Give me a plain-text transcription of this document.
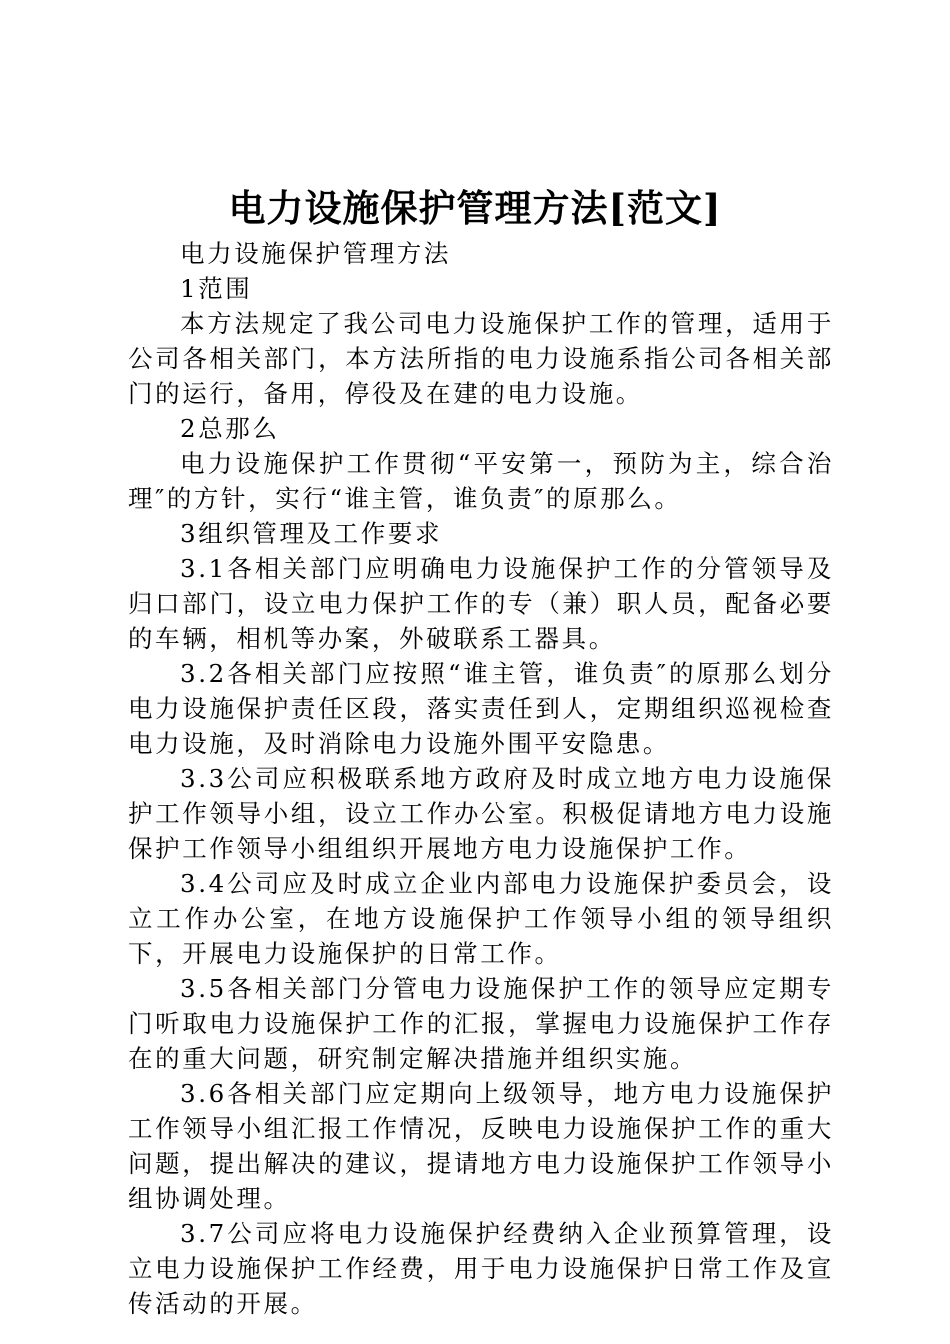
电力设施保护管理方法[范文]

电力设施保护管理方法

1范围

本方法规定了我公司电力设施保护工作的管理，适用于公司各相关部门，本方法所指的电力设施系指公司各相关部门的运行，备用，停役及在建的电力设施。

2总那么

电力设施保护工作贯彻“平安第一，预防为主，综合治理″的方针，实行“谁主管，谁负责″的原那么。

3组织管理及工作要求

3.1各相关部门应明确电力设施保护工作的分管领导及归口部门，设立电力保护工作的专（兼）职人员，配备必要的车辆，相机等办案，外破联系工器具。

3.2各相关部门应按照“谁主管，谁负责″的原那么划分电力设施保护责任区段，落实责任到人，定期组织巡视检查电力设施，及时消除电力设施外围平安隐患。

3.3公司应积极联系地方政府及时成立地方电力设施保护工作领导小组，设立工作办公室。积极促请地方电力设施保护工作领导小组组织开展地方电力设施保护工作。

3.4公司应及时成立企业内部电力设施保护委员会，设立工作办公室，在地方设施保护工作领导小组的领导组织下，开展电力设施保护的日常工作。

3.5各相关部门分管电力设施保护工作的领导应定期专门听取电力设施保护工作的汇报，掌握电力设施保护工作存在的重大问题，研究制定解决措施并组织实施。

3.6各相关部门应定期向上级领导，地方电力设施保护工作领导小组汇报工作情况，反映电力设施保护工作的重大问题，提出解决的建议，提请地方电力设施保护工作领导小组协调处理。

3.7公司应将电力设施保护经费纳入企业预算管理，设立电力设施保护工作经费，用于电力设施保护日常工作及宣传活动的开展。
